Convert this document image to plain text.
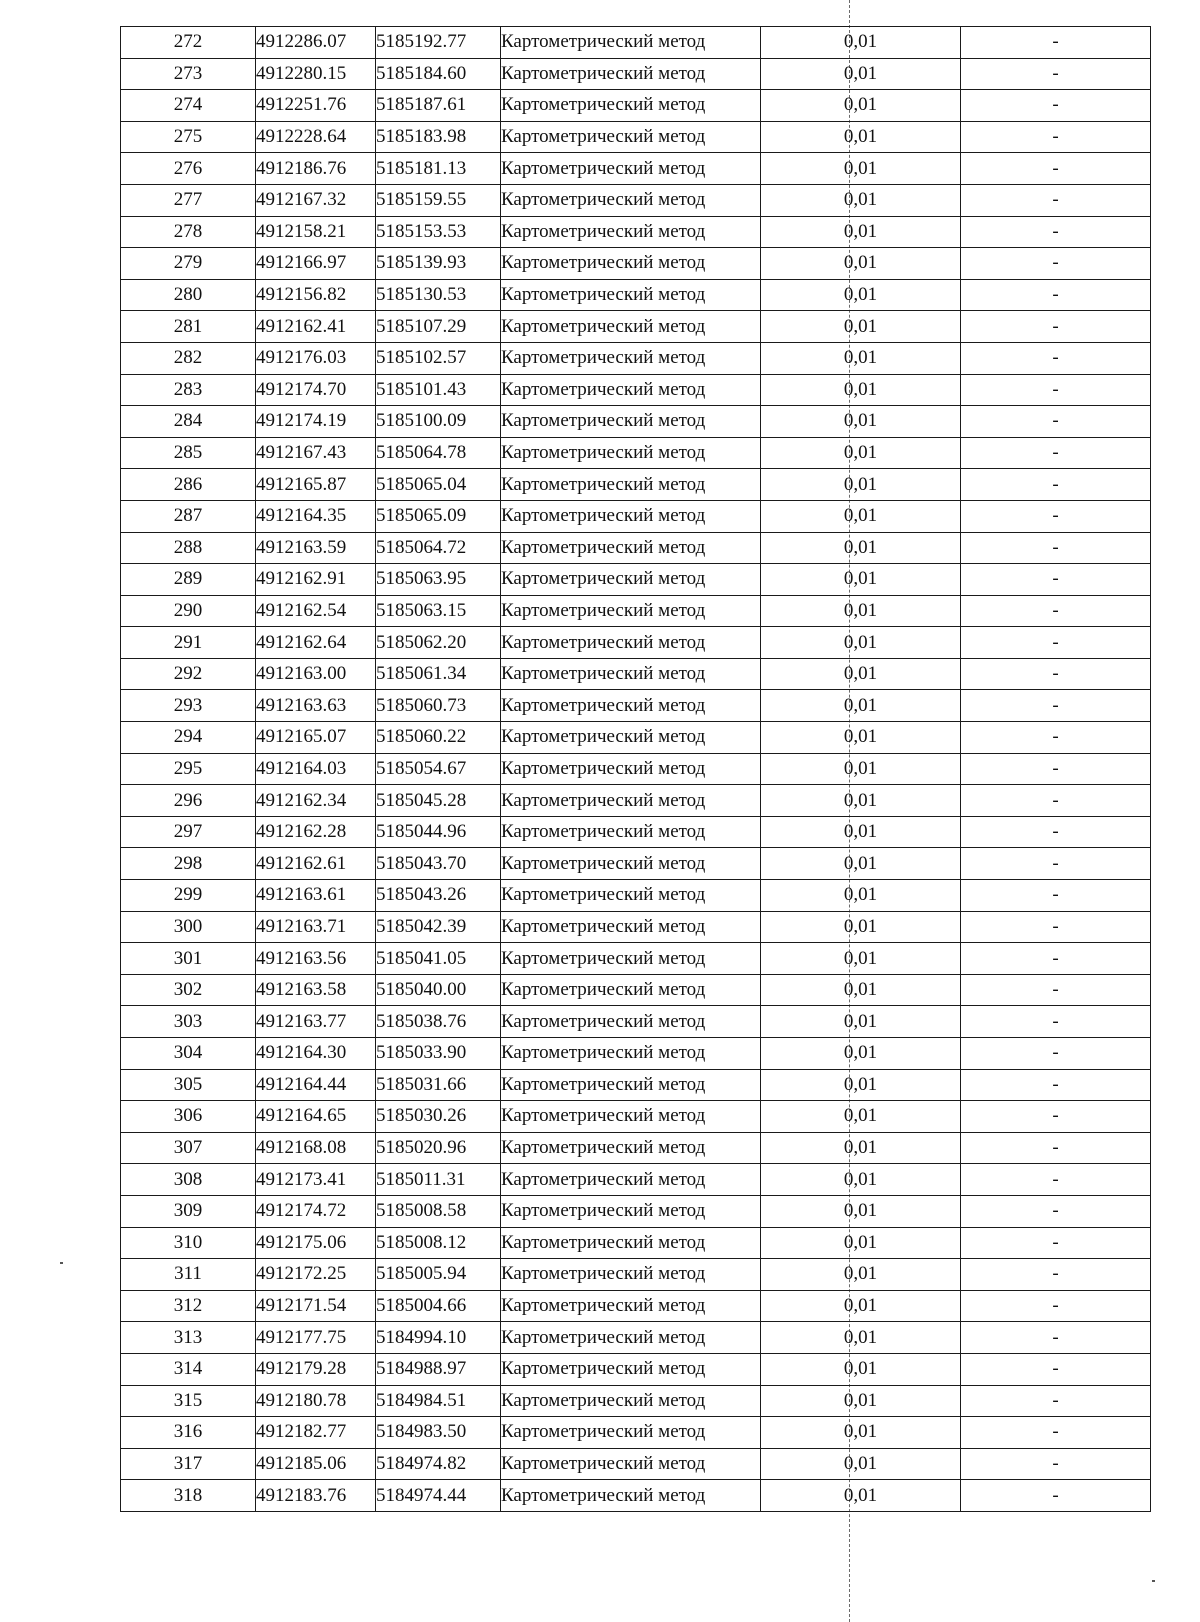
272	4912286.07	5185192.77	Картометрический метод	0,01	-
273	4912280.15	5185184.60	Картометрический метод	0,01	-
274	4912251.76	5185187.61	Картометрический метод	0,01	-
275	4912228.64	5185183.98	Картометрический метод	0,01	-
276	4912186.76	5185181.13	Картометрический метод	0,01	-
277	4912167.32	5185159.55	Картометрический метод	0,01	-
278	4912158.21	5185153.53	Картометрический метод	0,01	-
279	4912166.97	5185139.93	Картометрический метод	0,01	-
280	4912156.82	5185130.53	Картометрический метод	0,01	-
281	4912162.41	5185107.29	Картометрический метод	0,01	-
282	4912176.03	5185102.57	Картометрический метод	0,01	-
283	4912174.70	5185101.43	Картометрический метод	0,01	-
284	4912174.19	5185100.09	Картометрический метод	0,01	-
285	4912167.43	5185064.78	Картометрический метод	0,01	-
286	4912165.87	5185065.04	Картометрический метод	0,01	-
287	4912164.35	5185065.09	Картометрический метод	0,01	-
288	4912163.59	5185064.72	Картометрический метод	0,01	-
289	4912162.91	5185063.95	Картометрический метод	0,01	-
290	4912162.54	5185063.15	Картометрический метод	0,01	-
291	4912162.64	5185062.20	Картометрический метод	0,01	-
292	4912163.00	5185061.34	Картометрический метод	0,01	-
293	4912163.63	5185060.73	Картометрический метод	0,01	-
294	4912165.07	5185060.22	Картометрический метод	0,01	-
295	4912164.03	5185054.67	Картометрический метод	0,01	-
296	4912162.34	5185045.28	Картометрический метод	0,01	-
297	4912162.28	5185044.96	Картометрический метод	0,01	-
298	4912162.61	5185043.70	Картометрический метод	0,01	-
299	4912163.61	5185043.26	Картометрический метод	0,01	-
300	4912163.71	5185042.39	Картометрический метод	0,01	-
301	4912163.56	5185041.05	Картометрический метод	0,01	-
302	4912163.58	5185040.00	Картометрический метод	0,01	-
303	4912163.77	5185038.76	Картометрический метод	0,01	-
304	4912164.30	5185033.90	Картометрический метод	0,01	-
305	4912164.44	5185031.66	Картометрический метод	0,01	-
306	4912164.65	5185030.26	Картометрический метод	0,01	-
307	4912168.08	5185020.96	Картометрический метод	0,01	-
308	4912173.41	5185011.31	Картометрический метод	0,01	-
309	4912174.72	5185008.58	Картометрический метод	0,01	-
310	4912175.06	5185008.12	Картометрический метод	0,01	-
311	4912172.25	5185005.94	Картометрический метод	0,01	-
312	4912171.54	5185004.66	Картометрический метод	0,01	-
313	4912177.75	5184994.10	Картометрический метод	0,01	-
314	4912179.28	5184988.97	Картометрический метод	0,01	-
315	4912180.78	5184984.51	Картометрический метод	0,01	-
316	4912182.77	5184983.50	Картометрический метод	0,01	-
317	4912185.06	5184974.82	Картометрический метод	0,01	-
318	4912183.76	5184974.44	Картометрический метод	0,01	-
